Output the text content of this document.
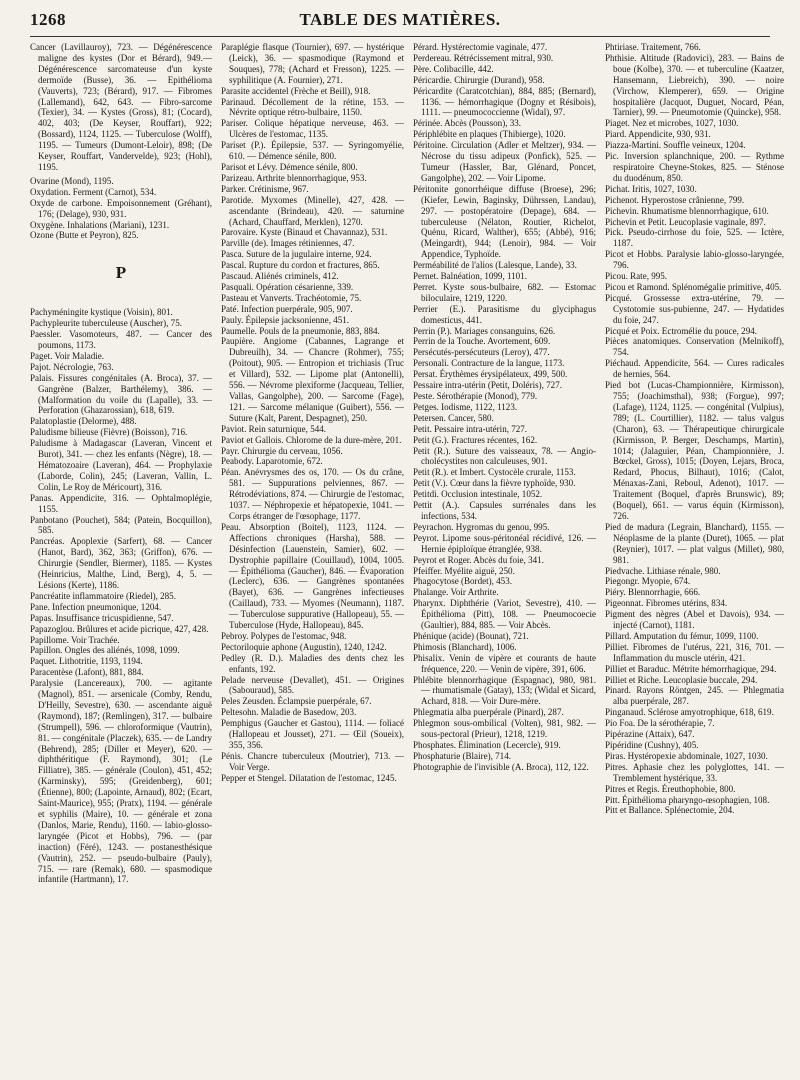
1268	TABLE DES MATIÈRES.

Cancer (Lavillauroy), 723. — Dégénérescence maligne des kystes (Dor et Bérard), 949.— Dégénérescence sarcomateuse d'un kyste dermoïde (Busse), 36. — Epithélioma (Vauverts), 723; (Bérard), 917. — Fibromes (Lallemand), 642, 643. — Fibro-sarcome (Texier), 34. — Kystes (Gross), 81; (Cocard), 402, 403; (De Keyser, Rouffart), 922; (Bossard), 1124, 1125. — Tuberculose (Wolff), 1195. — Tumeurs (Dumont-Leloir), 898; (De Keyser, Rouffart, Vandervelde), 923; (Hohl), 1195.

Ovarine (Mond), 1195.

Oxydation. Ferment (Carnot), 534.

Oxyde de carbone. Empoisonnement (Gréhant), 176; (Delage), 930, 931.

Oxygène. Inhalations (Mariani), 1231.

Ozone (Butte et Peyron), 825.

P

Pachyméningite kystique (Voisin), 801.

Pachypleurite tuberculeuse (Auscher), 75.

Paessler. Vasomoteurs, 487. — Cancer des poumons, 1173.

Paget. Voir Maladie.

Pajot. Nécrologie, 763.

Palais. Fissures congénitales (A. Broca), 37. — Gangrène (Balzer, Barthélemy), 386. — (Malformation du voile du (Lapalle), 33. — Perforation (Ghazarossian), 618, 619.

Palatoplastie (Delorme), 488.

Paludisme bilieuse (Fièvre) (Boisson), 716.

Paludisme à Madagascar (Laveran, Vincent et Burot), 341. — chez les enfants (Nègre), 18. — Hématozoaire (Laveran), 464. — Prophylaxie (Laborde, Colin), 245; (Laveran, Vallin, L. Colin, Le Roy de Méricourt), 316.

Panas. Appendicite, 316. — Ophtalmoplégie, 1155.

Panbotano (Pouchet), 584; (Patein, Bocquillon), 585.

Pancréas. Apoplexie (Sarfert), 68. — Cancer (Hanot, Bard), 362, 363; (Griffon), 676. — Chirurgie (Sendler, Biermer), 1185. — Kystes (Heinricius, Malthe, Lind, Berg), 4, 5. — Lésions (Kerte), 1186.

Pancréatite inflammatoire (Riedel), 285.

Pane. Infection pneumonique, 1204.

Papas. Insuffisance tricuspidienne, 547.

Papazoglou. Brûlures et acide picrique, 427, 428.

Papillome. Voir Trachée.

Papillon. Ongles des aliénés, 1098, 1099.

Paquet. Lithotritie, 1193, 1194.

Paracentèse (Lafont), 881, 884.

Paralysie (Lancereaux), 700. — agitante (Magnol), 851. — arsenicale (Comby, Rendu, D'Heilly, Sevestre), 630. — ascendante aiguë (Raymond), 187; (Remlingen), 317. — bulbaire (Strumpell), 596. — chloroformique (Vautrin), 81. — congénitale (Placzek), 635. — de Landry (Behrend), 285; (Diller et Meyer), 620. — diphthéritique (F. Raymond), 301; (Le Filliatre), 385. — générale (Coulon), 451, 452; (Karminsky), 595; (Greidenberg), 601; (Étienne), 800; (Lapointe, Arnaud), 802; (Ecart, Saint-Maurice), 955; (Pratx), 1194. — générale et syphilis (Maire), 10. — générale et zona (Danlos, Marie, Rendu), 1160. — labio-glosso-laryngée (Picot et Hobbs), 796. — (par inaction) (Féré), 1243. — postanesthésique (Vautrin), 252. — pseudo-bulbaire (Pauly), 715. — rare (Remak), 680. — spasmodique infantile (Hartmann), 17.

Paraplégie flasque (Tournier), 697. — hystérique (Leick), 36. — spasmodique (Raymond et Souques), 778; (Achard et Fresson), 1225. — syphilitique (A. Fournier), 271.

Parasite accidentel (Frèche et Beill), 918.

Parinaud. Décollement de la rétine, 153. — Névrite optique rétro-bulbaire, 1150.

Pariser. Colique hépatique nerveuse, 463. — Ulcères de l'estomac, 1135.

Pariset (P.). Épilepsie, 537. — Syringomyélie, 610. — Démence sénile, 800.

Parisot et Lévy. Démence sénile, 800.

Parizeau. Arthrite blennorrhagique, 953.

Parker. Crétinisme, 967.

Parotide. Myxomes (Minelle), 427, 428. — ascendante (Brindeau), 420. — saturnine (Achard, Chauffard, Merklen), 1270.

Parovaire. Kyste (Binaud et Chavannaz), 531.

Parville (de). Images rétiniennes, 47.

Pasca. Suture de la jugulaire interne, 924.

Pascal. Rupture du cordon et fractures, 865.

Pascaud. Aliénés criminels, 412.

Pasquali. Opération césarienne, 339.

Pasteau et Vanverts. Trachéotomie, 75.

Paté. Infection puerpérale, 905, 907.

Pauly. Épilepsie jacksonienne, 451.

Paumelle. Pouls de la pneumonie, 883, 884.

Paupière. Angiome (Cabannes, Lagrange et Dubreuilh), 34. — Chancre (Rohmer), 755; (Poitout), 905. — Entropion et trichiasis (Truc et Villard), 532. — Lipome plat (Antonelli), 556. — Névrome plexiforme (Jacqueau, Tellier, Vallas, Gangolphe), 200. — Sarcome (Fage), 121. — Sarcome mélanique (Guibert), 556. — Suture (Kalt, Parent, Despagnet), 250.

Paviot. Rein saturnique, 544.

Paviot et Gallois. Chlorome de la dure-mère, 201.

Payr. Chirurgie du cerveau, 1056.

Peabody. Laparotomie, 672.

Péan. Anévrysmes des os, 170. — Os du crâne, 581. — Suppurations pelviennes, 867. — Rétrodéviations, 874. — Chirurgie de l'estomac, 1037. — Néphropexie et hépatopexie, 1041. — Corps étranger de l'œsophage, 1177.

Peau. Absorption (Boitel), 1123, 1124. — Affections chroniques (Harsha), 588. — Désinfection (Lauenstein, Samier), 602. — Dystrophie papillaire (Couillaud), 1004, 1005. — Épithélioma (Gaucher), 846. — Évaporation (Leclerc), 636. — Gangrènes spontanées (Bayet), 636. — Gangrènes infectieuses (Caillaud), 733. — Myomes (Neumann), 1187. — Tuberculose suppurative (Hallopeau), 55. — Tuberculose (Hyde, Hallopeau), 845.

Pebroy. Polypes de l'estomac, 948.

Pectoriloquie aphone (Augustin), 1240, 1242.

Pedley (R. D.). Maladies des dents chez les enfants, 192.

Pelade nerveuse (Devallet), 451. — Origines (Sabouraud), 585.

Peles Zeusden. Éclampsie puerpérale, 67.

Peltesohn. Maladie de Basedow, 203.

Pemphigus (Gaucher et Gastou), 1114. — foliacé (Hallopeau et Jousset), 271. — Œil (Soueix), 355, 356.

Pénis. Chancre tuberculeux (Moutrier), 713. — Voir Verge.

Pepper et Stengel. Dilatation de l'estomac, 1245.

Pérard. Hystérectomie vaginale, 477.

Perdereau. Rétrécissement mitral, 930.

Père. Colibacille, 442.

Péricardie. Chirurgie (Durand), 958.

Péricardite (Caratcotchian), 884, 885; (Bernard), 1136. — hémorrhagique (Dogny et Résibois), 1111. — pneumococcienne (Widal), 97.

Périnée. Abcès (Pousson), 33.

Périphlébite en plaques (Thibierge), 1020.

Péritoine. Circulation (Adler et Meltzer), 934. — Nécrose du tissu adipeux (Ponfick), 525. — Tumeur (Hassler, Bar, Glénard, Poncet, Gangolphe), 202. — Voir Lipome.

Péritonite gonorrhéique diffuse (Broese), 296; (Kiefer, Lewin, Baginsky, Dührssen, Landau), 297. — postopératoire (Depage), 684. — tuberculeuse (Nélaton, Routier, Richelot, Quénu, Ricard, Walther), 655; (Abbé), 916; (Meingardt), 944; (Lenoir), 984. — Voir Appendice, Typhoïde.

Perméabilité de l'alios (Lalesque, Lande), 33.

Pernet. Balnéation, 1099, 1101.

Perret. Kyste sous-bulbaire, 682. — Estomac biloculaire, 1219, 1220.

Perrier (E.). Parasitisme du glyciphagus domesticus, 441.

Perrin (P.). Mariages consanguins, 626.

Perrin de la Touche. Avortement, 609.

Persécutés-persécuteurs (Leroy), 477.

Personali. Contracture de la langue, 1173.

Persat. Érythèmes érysipélateux, 499, 500.

Pessaire intra-utérin (Petit, Doléris), 727.

Peste. Sérothérapie (Monod), 779.

Petges. Iodisme, 1122, 1123.

Petersen. Cancer, 580.

Petit. Pessaire intra-utérin, 727.

Petit (G.). Fractures récentes, 162.

Petit (R.). Suture des vaisseaux, 78. — Angio-cholécystites non calculeuses, 901.

Petit (R.). et Imbert. Cystocèle crurale, 1153.

Petit (V.). Cœur dans la fièvre typhoïde, 930.

Petitdi. Occlusion intestinale, 1052.

Pettit (A.). Capsules surrénales dans les infections, 534.

Peyrachon. Hygromas du genou, 995.

Peyrot. Lipome sous-péritonéal récidivé, 126. — Hernie épiploïque étranglée, 938.

Peyrot et Roger. Abcès du foie, 341.

Pfeiffer. Myélite aiguë, 250.

Phagocytose (Bordet), 453.

Phalange. Voir Arthrite.

Pharynx. Diphthérie (Variot, Sevestre), 410. — Épithélioma (Pitt), 108. — Pneumocoecie (Gaultier), 884, 885. — Voir Abcès.

Phénique (acide) (Bounat), 721.

Phimosis (Blanchard), 1006.

Phisalix. Venin de vipère et courants de haute fréquence, 220. — Venin de vipère, 391, 606.

Phlébite blennorrhagique (Espagnac), 980, 981. — rhumatismale (Gatay), 133; (Widal et Sicard, Achard, 818. — Voir Dure-mère.

Phlegmatia alba puerpérale (Pinard), 287.

Phlegmon sous-ombilical (Volten), 981, 982. — sous-pectoral (Prieur), 1218, 1219.

Phosphates. Élimination (Lecercle), 919.

Phosphaturie (Blaire), 714.

Photographie de l'invisible (A. Broca), 112, 122.

Phtiriase. Traitement, 766.

Phthisie. Altitude (Radovici), 283. — Bains de boue (Kolbe), 370. — et tuberculine (Kaatzer, Hansemann, Liebreich), 390. — noire (Virchow, Klemperer), 659. — Origine hospitalière (Jacquot, Duguet, Nocard, Péan, Tarnier), 99. — Pneumotomie (Quincke), 958.

Piaget. Nez et microbes, 1027, 1030.

Piard. Appendicite, 930, 931.

Piazza-Martini. Souffle veineux, 1204.

Pic. Inversion splanchnique, 200. — Rythme respiratoire Cheyne-Stokes, 825. — Sténose du duodénum, 850.

Pichat. Iritis, 1027, 1030.

Pichenot. Hyperostose crânienne, 799.

Pichevin. Rhumatisme blennorrhagique, 610.

Pichevin et Petit. Leucoplasie vaginale, 897.

Pick. Pseudo-cirrhose du foie, 525. — Ictère, 1187.

Picot et Hobbs. Paralysie labio-glosso-laryngée, 796.

Picou. Rate, 995.

Picou et Ramond. Splénomégalie primitive, 405.

Picqué. Grossesse extra-utérine, 79. — Cystotomie sus-pubienne, 247. — Hydatides du foie, 247.

Picqué et Poix. Ectromélie du pouce, 294.

Pièces anatomiques. Conservation (Melnikoff), 754.

Piéchaud. Appendicite, 564. — Cures radicales de hernies, 564.

Pied bot (Lucas-Championnière, Kirmisson), 755; (Joachimsthal), 938; (Forgue), 997; (Lafage), 1124, 1125. — congénital (Vulpius), 789; (L. Courtillier), 1182. — talus valgus (Charon), 63. — Thérapeutique chirurgicale (Kirmisson, P. Berger, Deschamps, Martin), 1014; (Jalaguier, Péan, Championnière, J. Bœckel, Gross), 1015; (Doyen, Lejars, Broca, Redard, Phocus, Bilhaut), 1016; (Calot, Ménaxas-Zani, Reboul, Adenot), 1017. — Traitement (Boquel, d'après Brunswic), 89; (Boquel), 661. — varus équin (Kirmisson), 726.

Pied de madura (Legrain, Blanchard), 1155. — Néoplasme de la plante (Duret), 1065. — plat (Reynier), 1017. — plat valgus (Millet), 980, 981.

Piedvache. Lithiase rénale, 980.

Piegongr. Myopie, 674.

Piéry. Blennorrhagie, 666.

Pigeonnat. Fibromes utérins, 834.

Pigment des nègres (Abel et Davois), 934. — injecté (Carnot), 1181.

Pillard. Amputation du fémur, 1099, 1100.

Pilliet. Fibromes de l'utérus, 221, 316, 701. — Inflammation du muscle utérin, 421.

Pilliet et Baraduc. Métrite hémorrhagique, 294.

Pilliet et Riche. Leucoplasie buccale, 294.

Pinard. Rayons Röntgen, 245. — Phlegmatia alba puerpérale, 287.

Pinganaud. Sclérose amyotrophique, 618, 619.

Pio Foa. De la sérothérapie, 7.

Pipérazine (Attaix), 647.

Pipéridine (Cushny), 405.

Piras. Hystéropexie abdominale, 1027, 1030.

Pitres. Aphasie chez les polyglottes, 141. — Tremblement hystérique, 33.

Pitres et Regis. Éreuthophobie, 800.

Pitt. Épithélioma pharyngo-œsophagien, 108.

Pitt et Ballance. Splénectomie, 204.
